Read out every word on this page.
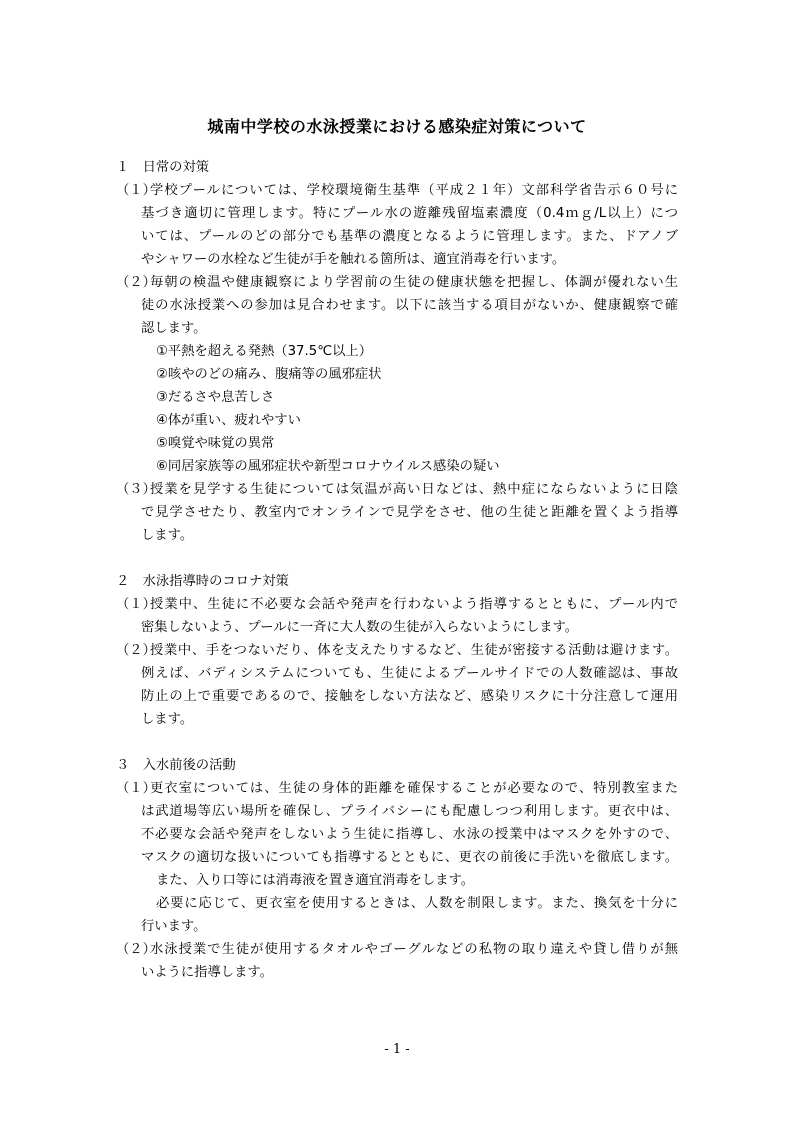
城南中学校の水泳授業における感染症対策について
１　日常の対策
（１）
学校プールについては、学校環境衛生基準（平成２１年）文部科学省告示６０号に
基づき適切に管理します。特にプール水の遊離残留塩素濃度（0.4ｍｇ/L以上）につ
いては、プールのどの部分でも基準の濃度となるように管理します。また、ドアノブ
やシャワーの水栓など生徒が手を触れる箇所は、適宜消毒を行います。
（２）
毎朝の検温や健康観察により学習前の生徒の健康状態を把握し、体調が優れない生
徒の水泳授業への参加は見合わせます。以下に該当する項目がないか、健康観察で確
認します。
①平熱を超える発熱（37.5℃以上）
②咳やのどの痛み、腹痛等の風邪症状
③だるさや息苦しさ
④体が重い、疲れやすい
⑤嗅覚や味覚の異常
⑥同居家族等の風邪症状や新型コロナウイルス感染の疑い
（３）
授業を見学する生徒については気温が高い日などは、熱中症にならないように日陰
で見学させたり、教室内でオンラインで見学をさせ、他の生徒と距離を置くよう指導
します。
２　水泳指導時のコロナ対策
（１）
授業中、生徒に不必要な会話や発声を行わないよう指導するとともに、プール内で
密集しないよう、プールに一斉に大人数の生徒が入らないようにします。
（２）
授業中、手をつないだり、体を支えたりするなど、生徒が密接する活動は避けます。
例えば、バディシステムについても、生徒によるプールサイドでの人数確認は、事故
防止の上で重要であるので、接触をしない方法など、感染リスクに十分注意して運用
します。
３　入水前後の活動
（１）
更衣室については、生徒の身体的距離を確保することが必要なので、特別教室また
は武道場等広い場所を確保し、プライバシーにも配慮しつつ利用します。更衣中は、
不必要な会話や発声をしないよう生徒に指導し、水泳の授業中はマスクを外すので、
マスクの適切な扱いについても指導するとともに、更衣の前後に手洗いを徹底します。
また、入り口等には消毒液を置き適宜消毒をします。
必要に応じて、更衣室を使用するときは、人数を制限します。また、換気を十分に
行います。
（２）
水泳授業で生徒が使用するタオルやゴーグルなどの私物の取り違えや貸し借りが無
いように指導します。
- 1 -
